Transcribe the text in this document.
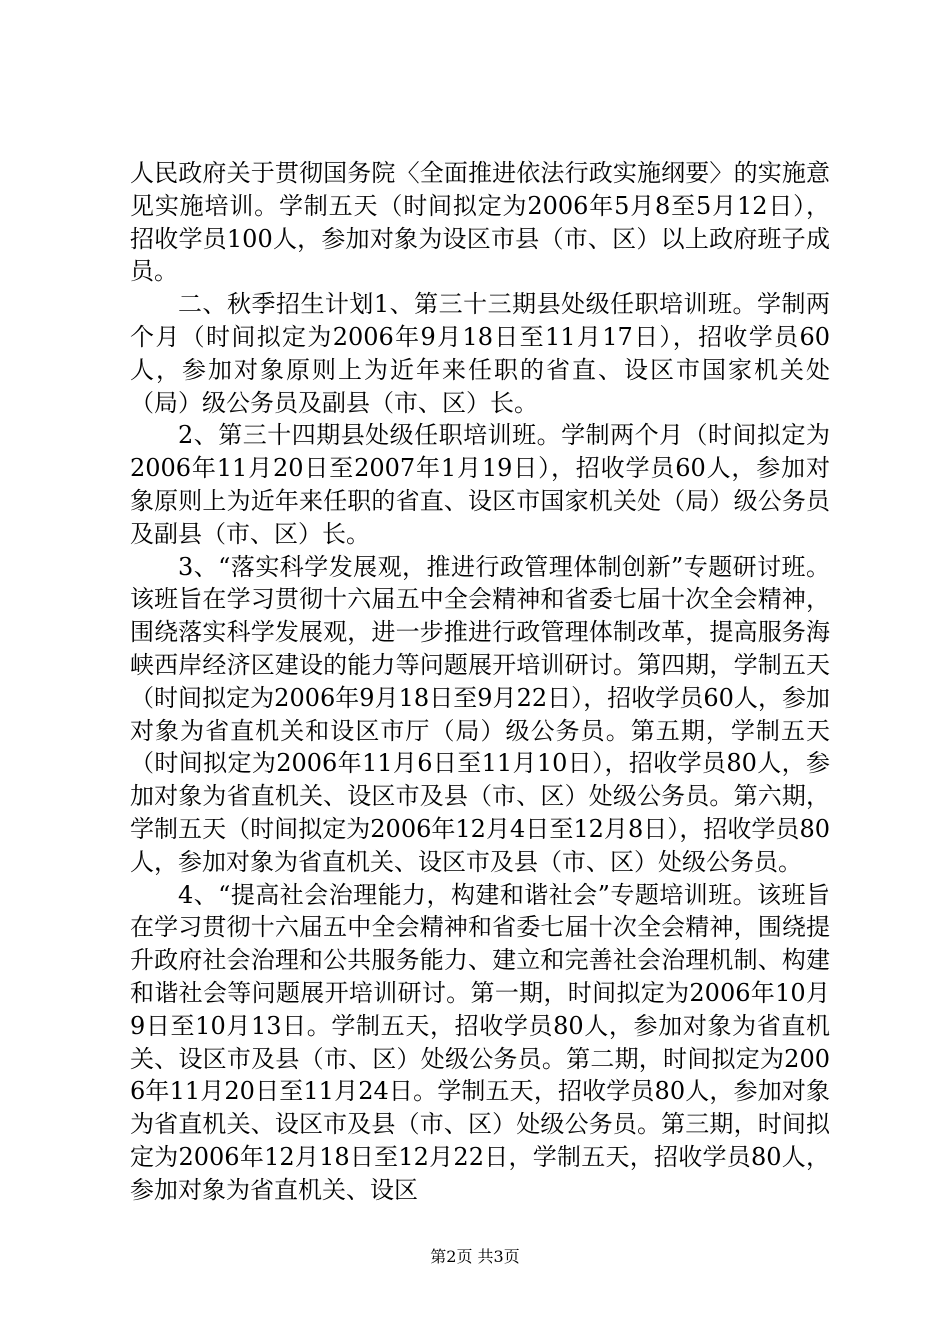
人民政府关于贯彻国务院〈全面推进依法行政实施纲要〉的实施意见实施培训。学制五天（时间拟定为2006年5月8至5月12日），招收学员100人，参加对象为设区市县（市、区）以上政府班子成员。

二、秋季招生计划1、第三十三期县处级任职培训班。学制两个月（时间拟定为2006年9月18日至11月17日），招收学员60人，参加对象原则上为近年来任职的省直、设区市国家机关处（局）级公务员及副县（市、区）长。

2、第三十四期县处级任职培训班。学制两个月（时间拟定为2006年11月20日至2007年1月19日），招收学员60人，参加对象原则上为近年来任职的省直、设区市国家机关处（局）级公务员及副县（市、区）长。

3、“落实科学发展观，推进行政管理体制创新”专题研讨班。该班旨在学习贯彻十六届五中全会精神和省委七届十次全会精神，围绕落实科学发展观，进一步推进行政管理体制改革，提高服务海峡西岸经济区建设的能力等问题展开培训研讨。第四期，学制五天（时间拟定为2006年9月18日至9月22日），招收学员60人，参加对象为省直机关和设区市厅（局）级公务员。第五期，学制五天（时间拟定为2006年11月6日至11月10日），招收学员80人，参加对象为省直机关、设区市及县（市、区）处级公务员。第六期，学制五天（时间拟定为2006年12月4日至12月8日），招收学员80人，参加对象为省直机关、设区市及县（市、区）处级公务员。

4、“提高社会治理能力，构建和谐社会”专题培训班。该班旨在学习贯彻十六届五中全会精神和省委七届十次全会精神，围绕提升政府社会治理和公共服务能力、建立和完善社会治理机制、构建和谐社会等问题展开培训研讨。第一期，时间拟定为2006年10月9日至10月13日。学制五天，招收学员80人，参加对象为省直机关、设区市及县（市、区）处级公务员。第二期，时间拟定为2006年11月20日至11月24日。学制五天，招收学员80人，参加对象为省直机关、设区市及县（市、区）处级公务员。第三期，时间拟定为2006年12月18日至12月22日，学制五天，招收学员80人，参加对象为省直机关、设区

第2页 共3页
